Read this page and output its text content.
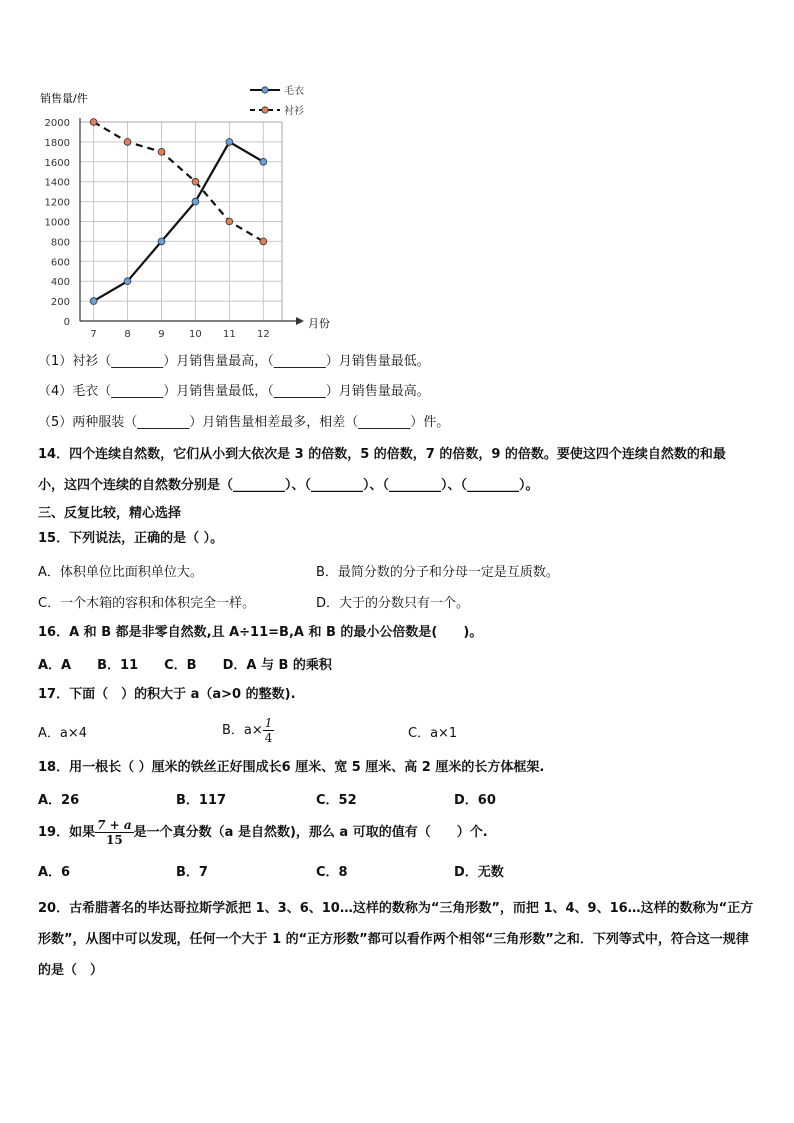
0
200
400
600
800
1000
1200
1400
1600
1800
2000
7	8	9 10 11 12
毛衣
衬衫
销售量/件
月份
（1）衬衫（________）月销售量最高，（________）月销售量最低。
（4）毛衣（________）月销售量最低，（________）月销售量最高。
（5）两种服装（________）月销售量相差最多，相差（________）件。
14．四个连续自然数，它们从小到大依次是 3 的倍数，5 的倍数，7 的倍数，9 的倍数。要使这四个连续自然数的和最
小，这四个连续的自然数分别是（________）、（________）、（________）、（________）。
三、反复比较，精心选择
15．下列说法，正确的是（ ）。
A．体积单位比面积单位大。	B．最简分数的分子和分母一定是互质数。
C．一个木箱的容积和体积完全一样。	D．大于的分数只有一个。
16．A 和 B 都是非零自然数,且 A÷11=B,A 和 B 的最小公倍数是(　　)。
A．A　　B．11　　C．B　　D．A 与 B 的乘积
17．下面（　）的积大于 a（a>0 的整数).
A．a×4	B．$a\times \frac{1}{4}$	C．a×1
18．用一根长（ ）厘米的铁丝正好围成长6 厘米、宽 5 厘米、高 2 厘米的长方体框架.
A．26	B．117	C．52	D．60
19．如果 $\frac{7 + a}{15}$ 是一个真分数（a 是自然数)，那么 a 可取的值有（　　）个.
A．6	B．7	C．8	D．无数
20．古希腊著名的毕达哥拉斯学派把 1、3、6、10…这样的数称为“三角形数”，而把 1、4、9、16…这样的数称为“正方形数”，从图中可以发现，任何一个大于 1 的“正方形数”都可以看作两个相邻“三角形数”之和．下列等式中，符合这一规律的是（　）
